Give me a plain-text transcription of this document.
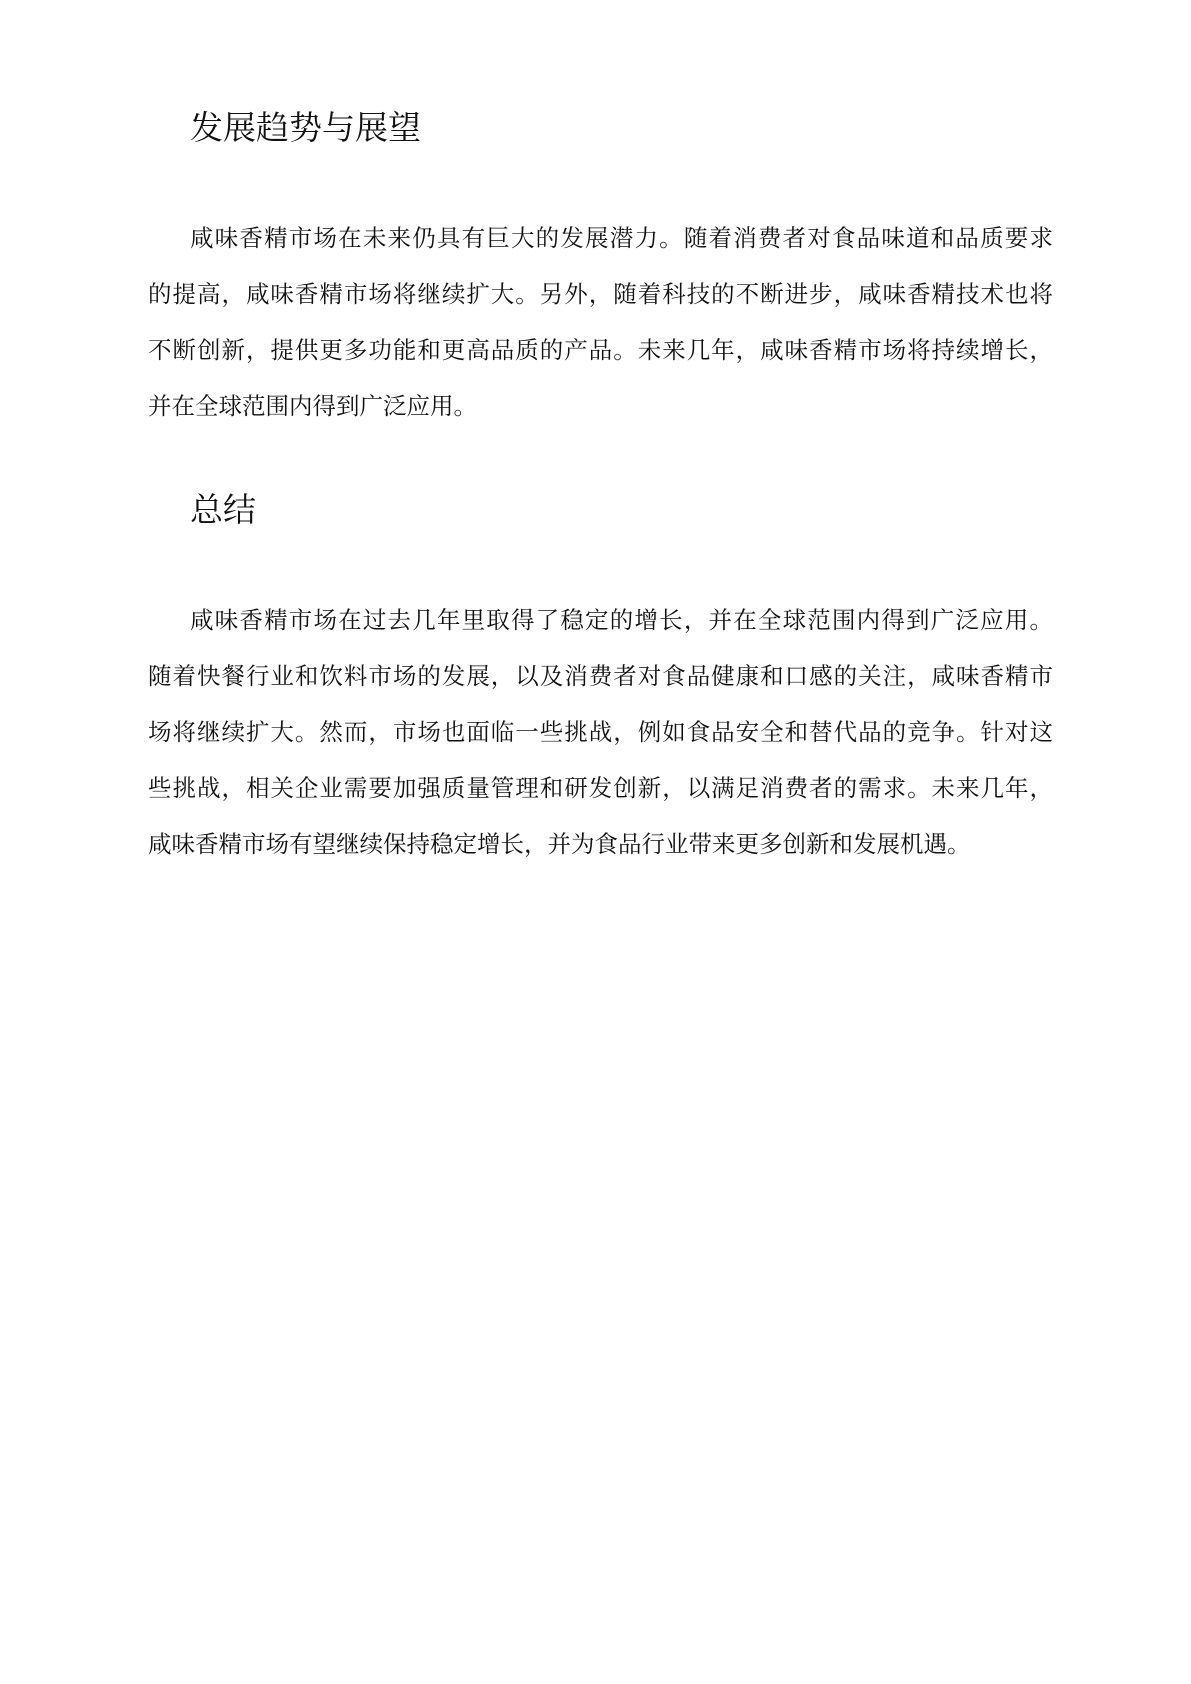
发展趋势与展望
咸味香精市场在未来仍具有巨大的发展潜力。随着消费者对食品味道和品质要求
的提高，咸味香精市场将继续扩大。另外，随着科技的不断进步，咸味香精技术也将
不断创新，提供更多功能和更高品质的产品。未来几年，咸味香精市场将持续增长，
并在全球范围内得到广泛应用。
总结
咸味香精市场在过去几年里取得了稳定的增长，并在全球范围内得到广泛应用。
随着快餐行业和饮料市场的发展，以及消费者对食品健康和口感的关注，咸味香精市
场将继续扩大。然而，市场也面临一些挑战，例如食品安全和替代品的竞争。针对这
些挑战，相关企业需要加强质量管理和研发创新，以满足消费者的需求。未来几年，
咸味香精市场有望继续保持稳定增长，并为食品行业带来更多创新和发展机遇。
